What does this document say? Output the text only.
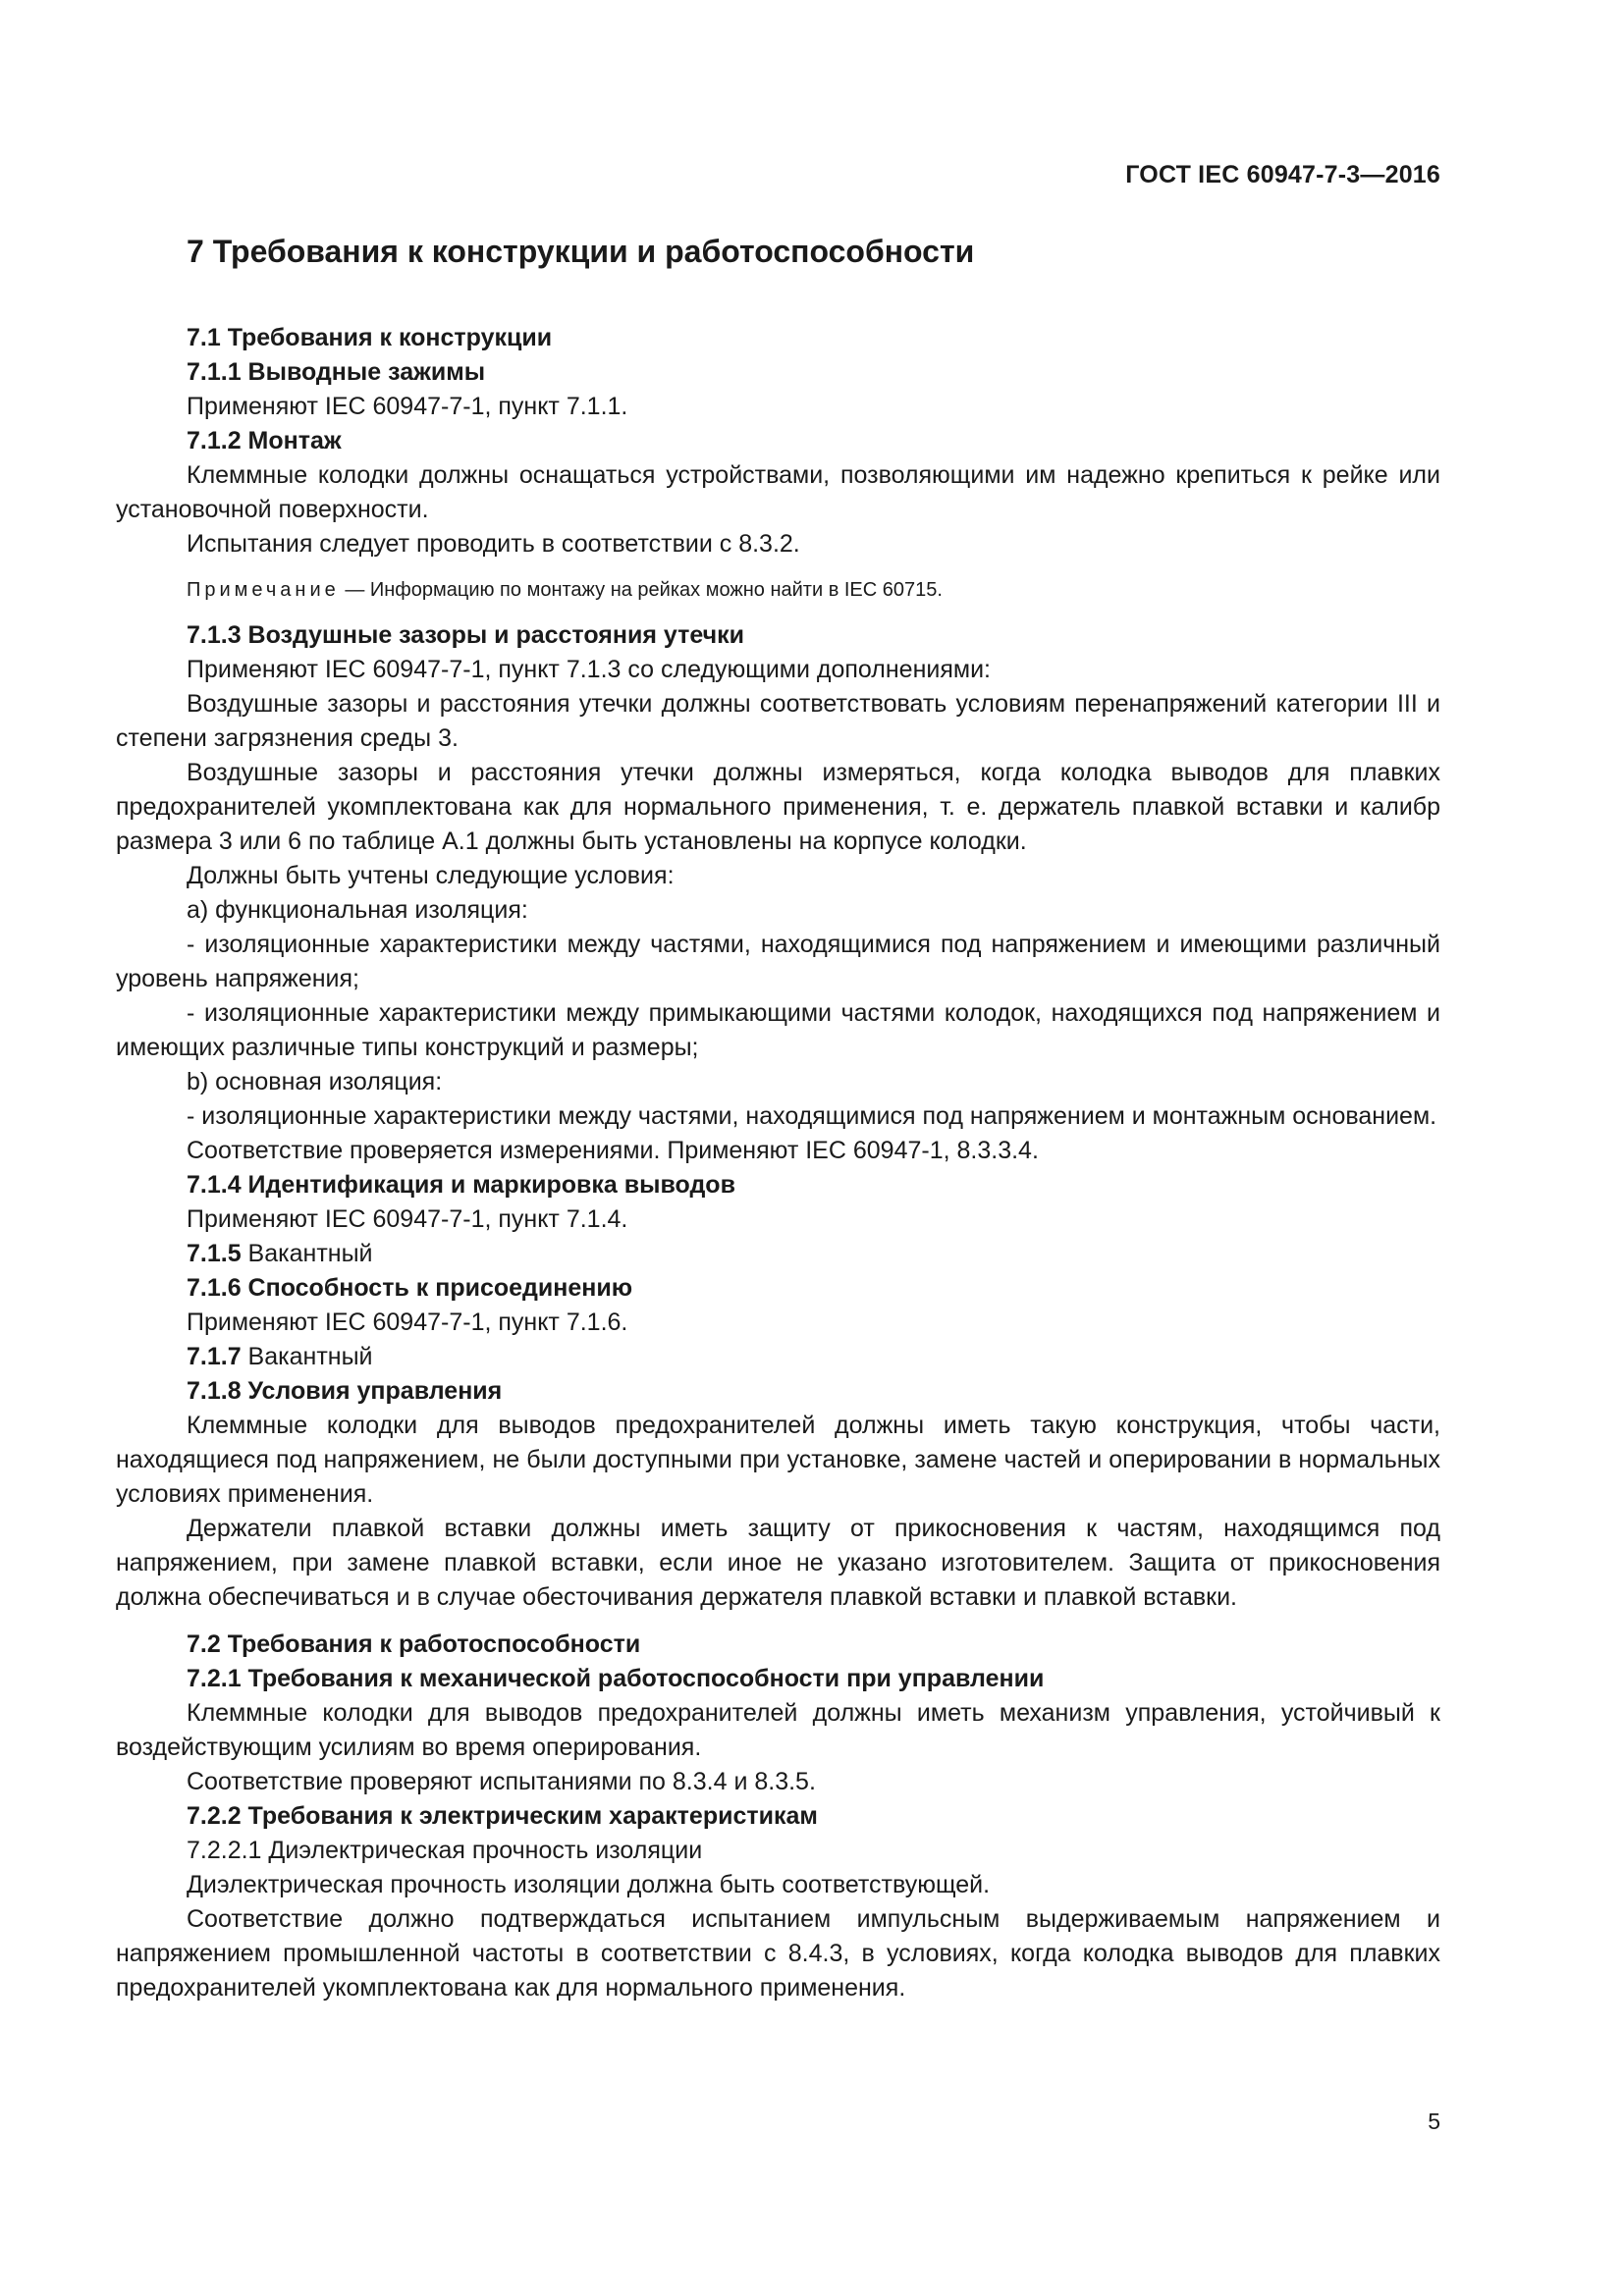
ГОСТ IEC 60947-7-3—2016
7 Требования к конструкции и работоспособности
7.1 Требования к конструкции
7.1.1 Выводные зажимы

Применяют IEC 60947-7-1, пункт 7.1.1.

7.1.2 Монтаж

Клеммные колодки должны оснащаться устройствами, позволяющими им надежно крепиться к рейке или установочной поверхности.

Испытания следует проводить в соответствии с 8.3.2.

Примечание — Информацию по монтажу на рейках можно найти в IEC 60715.

7.1.3 Воздушные зазоры и расстояния утечки

Применяют IEC 60947-7-1, пункт 7.1.3 со следующими дополнениями:

Воздушные зазоры и расстояния утечки должны соответствовать условиям перенапряжений категории III и степени загрязнения среды 3.

Воздушные зазоры и расстояния утечки должны измеряться, когда колодка выводов для плавких предохранителей укомплектована как для нормального применения, т. е. держатель плавкой вставки и калибр размера 3 или 6 по таблице А.1 должны быть установлены на корпусе колодки.

Должны быть учтены следующие условия:

а) функциональная изоляция:

- изоляционные характеристики между частями, находящимися под напряжением и имеющими различный уровень напряжения;

- изоляционные характеристики между примыкающими частями колодок, находящихся под напряжением и имеющих различные типы конструкций и размеры;

b) основная изоляция:

- изоляционные характеристики между частями, находящимися под напряжением и монтажным основанием.

Соответствие проверяется измерениями. Применяют IEC 60947-1, 8.3.3.4.

7.1.4 Идентификация и маркировка выводов

Применяют IEC 60947-7-1, пункт 7.1.4.

7.1.5 Вакантный
7.1.6 Способность к присоединению

Применяют IEC 60947-7-1, пункт 7.1.6.

7.1.7 Вакантный
7.1.8 Условия управления

Клеммные колодки для выводов предохранителей должны иметь такую конструкция, чтобы части, находящиеся под напряжением, не были доступными при установке, замене частей и оперировании в нормальных условиях применения.

Держатели плавкой вставки должны иметь защиту от прикосновения к частям, находящимся под напряжением, при замене плавкой вставки, если иное не указано изготовителем. Защита от прикосновения должна обеспечиваться и в случае обесточивания держателя плавкой вставки и плавкой вставки.

7.2 Требования к работоспособности
7.2.1 Требования к механической работоспособности при управлении

Клеммные колодки для выводов предохранителей должны иметь механизм управления, устойчивый к воздействующим усилиям во время оперирования.

Соответствие проверяют испытаниями по 8.3.4 и 8.3.5.

7.2.2 Требования к электрическим характеристикам
7.2.2.1 Диэлектрическая прочность изоляции

Диэлектрическая прочность изоляции должна быть соответствующей.

Соответствие должно подтверждаться испытанием импульсным выдерживаемым напряжением и напряжением промышленной частоты в соответствии с 8.4.3, в условиях, когда колодка выводов для плавких предохранителей укомплектована как для нормального применения.

5
